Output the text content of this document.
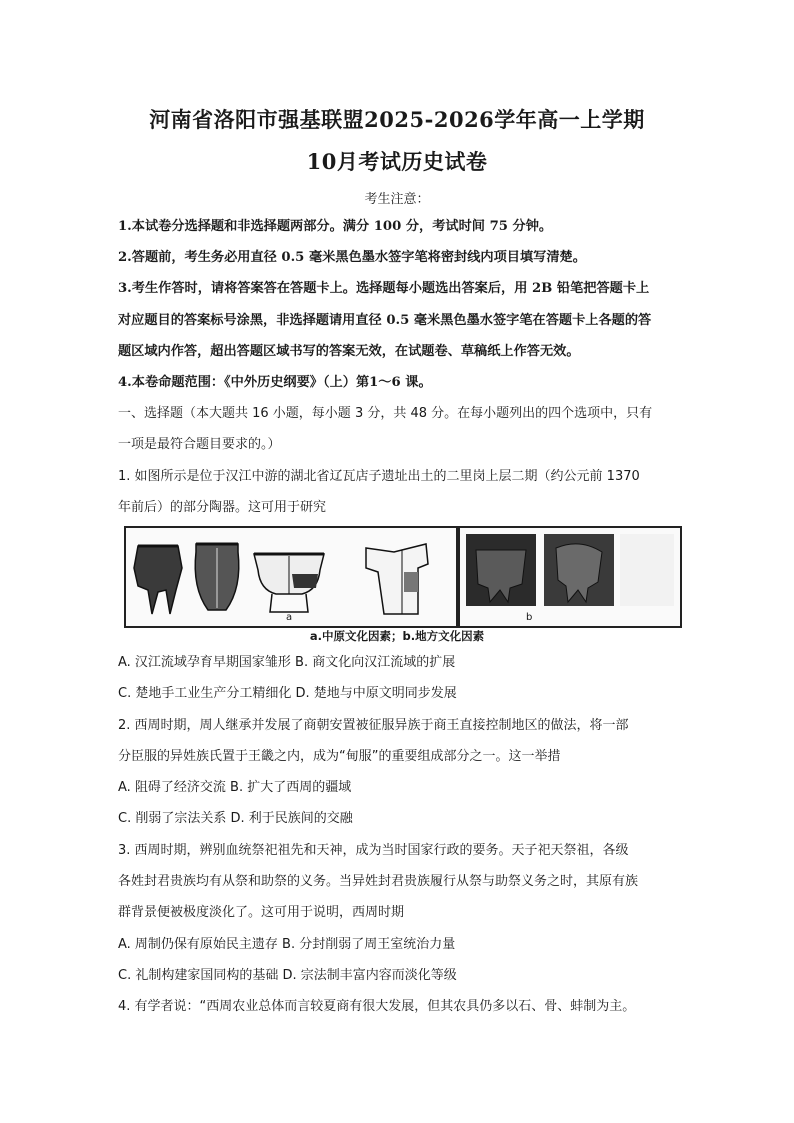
河南省洛阳市强基联盟2025-2026学年高一上学期
10月考试历史试卷
考生注意：
1.本试卷分选择题和非选择题两部分。满分 100 分，考试时间 75 分钟。
2.答题前，考生务必用直径 0.5 毫米黑色墨水签字笔将密封线内项目填写清楚。
3.考生作答时，请将答案答在答题卡上。选择题每小题选出答案后，用 2B 铅笔把答题卡上
对应题目的答案标号涂黑，非选择题请用直径 0.5 毫米黑色墨水签字笔在答题卡上各题的答
题区域内作答，超出答题区域书写的答案无效，在试题卷、草稿纸上作答无效。
4.本卷命题范围：《中外历史纲要》（上）第1～6 课。
一、选择题（本大题共 16 小题，每小题 3 分，共 48 分。在每小题列出的四个选项中，只有
一项是最符合题目要求的。）
1. 如图所示是位于汉江中游的湖北省辽瓦店子遗址出土的二里岗上层二期（约公元前 1370
年前后）的部分陶器。这可用于研究
a	b
a.中原文化因素；b.地方文化因素
A. 汉江流域孕育早期国家雏形 B. 商文化向汉江流域的扩展
C. 楚地手工业生产分工精细化 D. 楚地与中原文明同步发展
2. 西周时期，周人继承并发展了商朝安置被征服异族于商王直接控制地区的做法，将一部
分臣服的异姓族氏置于王畿之内，成为“甸服”的重要组成部分之一。这一举措
A. 阻碍了经济交流 B. 扩大了西周的疆域
C. 削弱了宗法关系 D. 利于民族间的交融
3. 西周时期，辨别血统祭祀祖先和天神，成为当时国家行政的要务。天子祀天祭祖，各级
各姓封君贵族均有从祭和助祭的义务。当异姓封君贵族履行从祭与助祭义务之时，其原有族
群背景便被极度淡化了。这可用于说明，西周时期
A. 周制仍保有原始民主遗存 B. 分封削弱了周王室统治力量
C. 礼制构建家国同构的基础 D. 宗法制丰富内容而淡化等级
4. 有学者说：“西周农业总体而言较夏商有很大发展，但其农具仍多以石、骨、蚌制为主。
